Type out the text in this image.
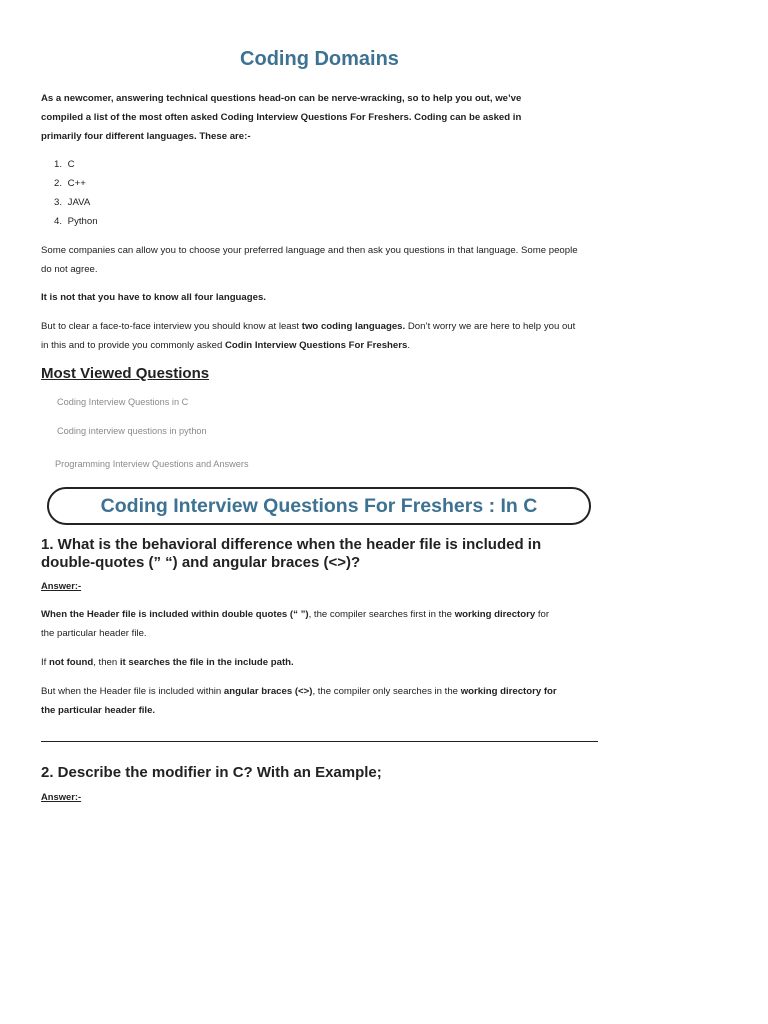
Coding Domains

As a newcomer, answering technical questions head-on can be nerve-wracking, so to help you out, we’ve
compiled a list of the most often asked Coding Interview Questions For Freshers. Coding can be asked in
primarily four different languages. These are:-

1. C
2. C++
3. JAVA
4. Python

Some companies can allow you to choose your preferred language and then ask you questions in that language. Some people
do not agree.

It is not that you have to know all four languages.

But to clear a face-to-face interview you should know at least two coding languages. Don’t worry we are here to help you out
in this and to provide you commonly asked Codin Interview Questions For Freshers.

Most Viewed Questions

Coding Interview Questions in C

Coding interview questions in python

Programming Interview Questions and Answers

Coding Interview Questions For Freshers : In C
1. What is the behavioral difference when the header file is included in
double-quotes (” “) and angular braces (<>)?

Answer:-

When the Header file is included within double quotes (“ ”), the compiler searches first in the working directory for
the particular header file.

If not found, then it searches the file in the include path.

But when the Header file is included within angular braces (<>), the compiler only searches in the working directory for
the particular header file.

2. Describe the modifier in C? With an Example;

Answer:-
